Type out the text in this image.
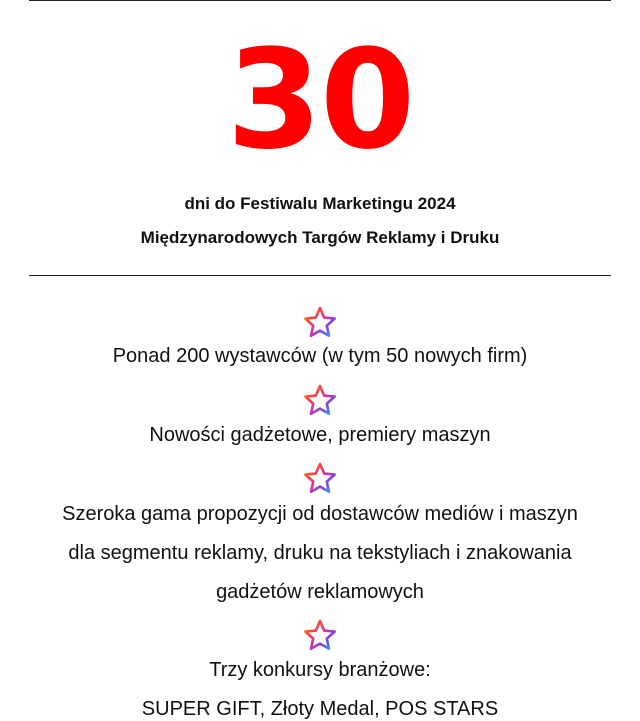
30
dni do Festiwalu Marketingu 2024
Międzynarodowych Targów Reklamy i Druku
Ponad 200 wystawców (w tym 50 nowych firm)
Nowości gadżetowe, premiery maszyn
Szeroka gama propozycji od dostawców mediów i maszyn
dla segmentu reklamy, druku na tekstyliach i znakowania
gadżetów reklamowych
Trzy konkursy branżowe:
SUPER GIFT, Złoty Medal, POS STARS
